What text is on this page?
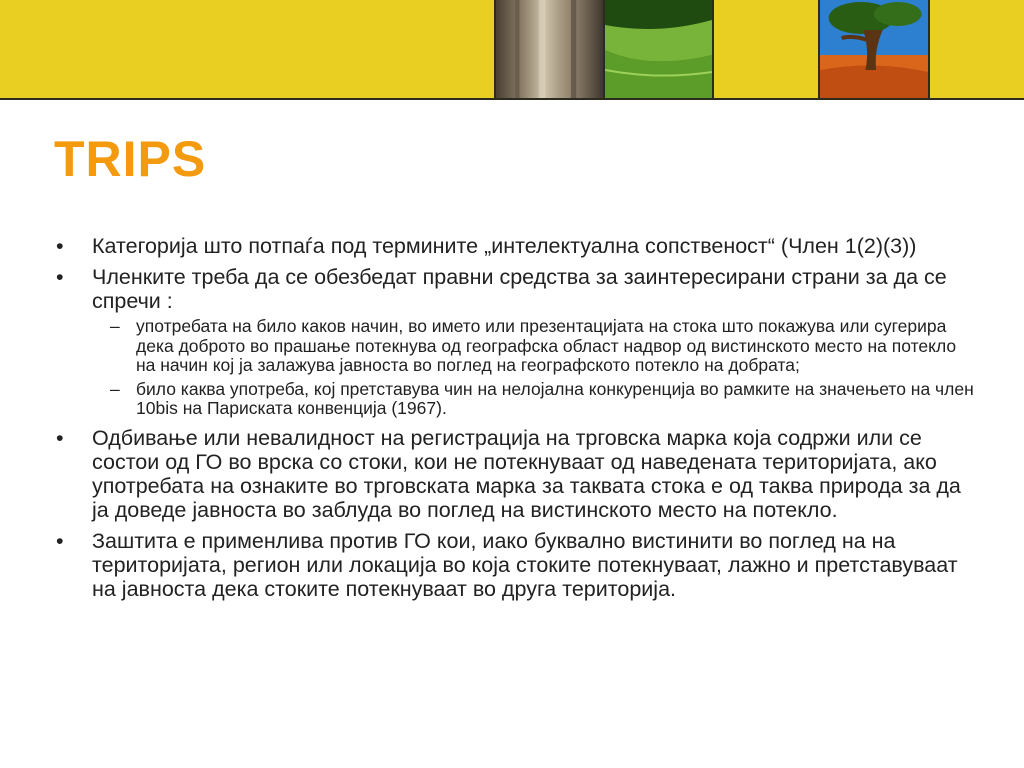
TRIPS
• Категорија што потпаѓа под термините „интелектуална сопственост“ (Член 1(2)(3))
• Членките треба да се обезбедат правни средства за заинтересирани страни за да се спречи :
– употребата на било каков начин, во името или презентацијата на стока што покажува или сугерира дека доброто во прашање потекнува од географска област надвор од вистинското место на потекло на начин кој ја залажува јавноста во поглед на географското потекло на добрата;
– било каква употреба, кој претставува чин на нелојална конкуренција во рамките на значењето на член 10bis на Париската конвенција (1967).
• Одбивање или невалидност на регистрација на трговска марка која содржи или се состои од ГО во врска со стоки, кои не потекнуваат од наведената територијата, ако употребата на ознаките во трговската марка за таквата стока е од таква природа за да ја доведе јавноста во заблуда во поглед на вистинското место на потекло.
• Заштита е применлива против ГО кои, иако буквално вистинити во поглед на на територијата, регион или локација во која стоките потекнуваат, лажно и претставуваат на јавноста дека стоките потекнуваат во друга територија.
